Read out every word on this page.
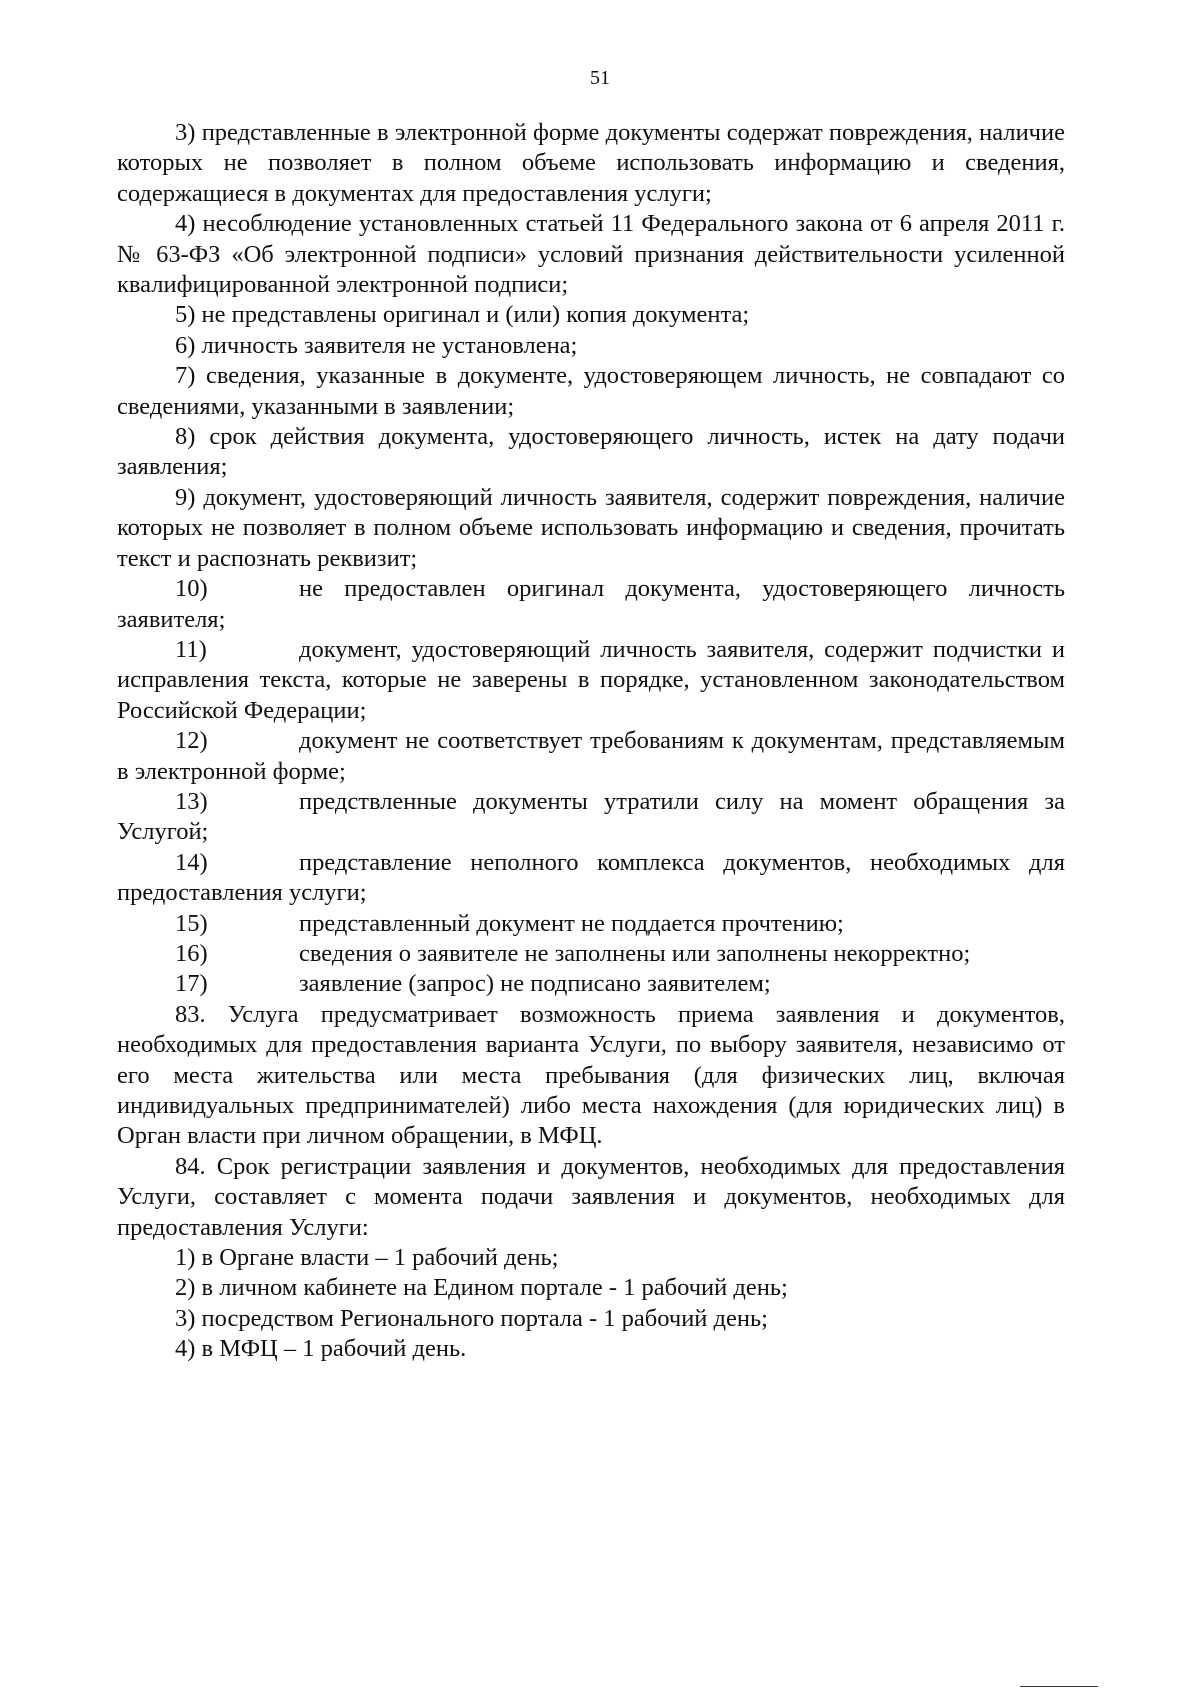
51

3) представленные в электронной форме документы содержат повреждения, наличие которых не позволяет в полном объеме использовать информацию и сведения, содержащиеся в документах для предоставления услуги;

4) несоблюдение установленных статьей 11 Федерального закона от 6 апреля 2011 г. № 63-ФЗ «Об электронной подписи» условий признания действительности усиленной квалифицированной электронной подписи;

5) не представлены оригинал и (или) копия документа;

6) личность заявителя не установлена;

7) сведения, указанные в документе, удостоверяющем личность, не совпадают со сведениями, указанными в заявлении;

8) срок действия документа, удостоверяющего личность, истек на дату подачи заявления;

9) документ, удостоверяющий личность заявителя, содержит повреждения, наличие которых не позволяет в полном объеме использовать информацию и сведения, прочитать текст и распознать реквизит;

10)	не предоставлен оригинал документа, удостоверяющего личность заявителя;

11)	документ, удостоверяющий личность заявителя, содержит подчистки и исправления текста, которые не заверены в порядке, установленном законодательством Российской Федерации;

12)	документ не соответствует требованиям к документам, представляемым в электронной форме;

13)	предствленные документы утратили силу на момент обращения за Услугой;

14)	представление неполного комплекса документов, необходимых для предоставления услуги;

15)	представленный документ не поддается прочтению;

16)	сведения о заявителе не заполнены или заполнены некорректно;

17)	заявление (запрос) не подписано заявителем;

83. Услуга предусматривает возможность приема заявления и документов, необходимых для предоставления варианта Услуги, по выбору заявителя, независимо от его места жительства или места пребывания (для физических лиц, включая индивидуальных предпринимателей) либо места нахождения (для юридических лиц) в Орган власти при личном обращении, в МФЦ.

84. Срок регистрации заявления и документов, необходимых для предоставления Услуги, составляет с момента подачи заявления и документов, необходимых для предоставления Услуги:

1) в Органе власти – 1 рабочий день;

2) в личном кабинете на Едином портале - 1 рабочий день;

3) посредством Регионального портала - 1 рабочий день;

4) в МФЦ – 1 рабочий день.
